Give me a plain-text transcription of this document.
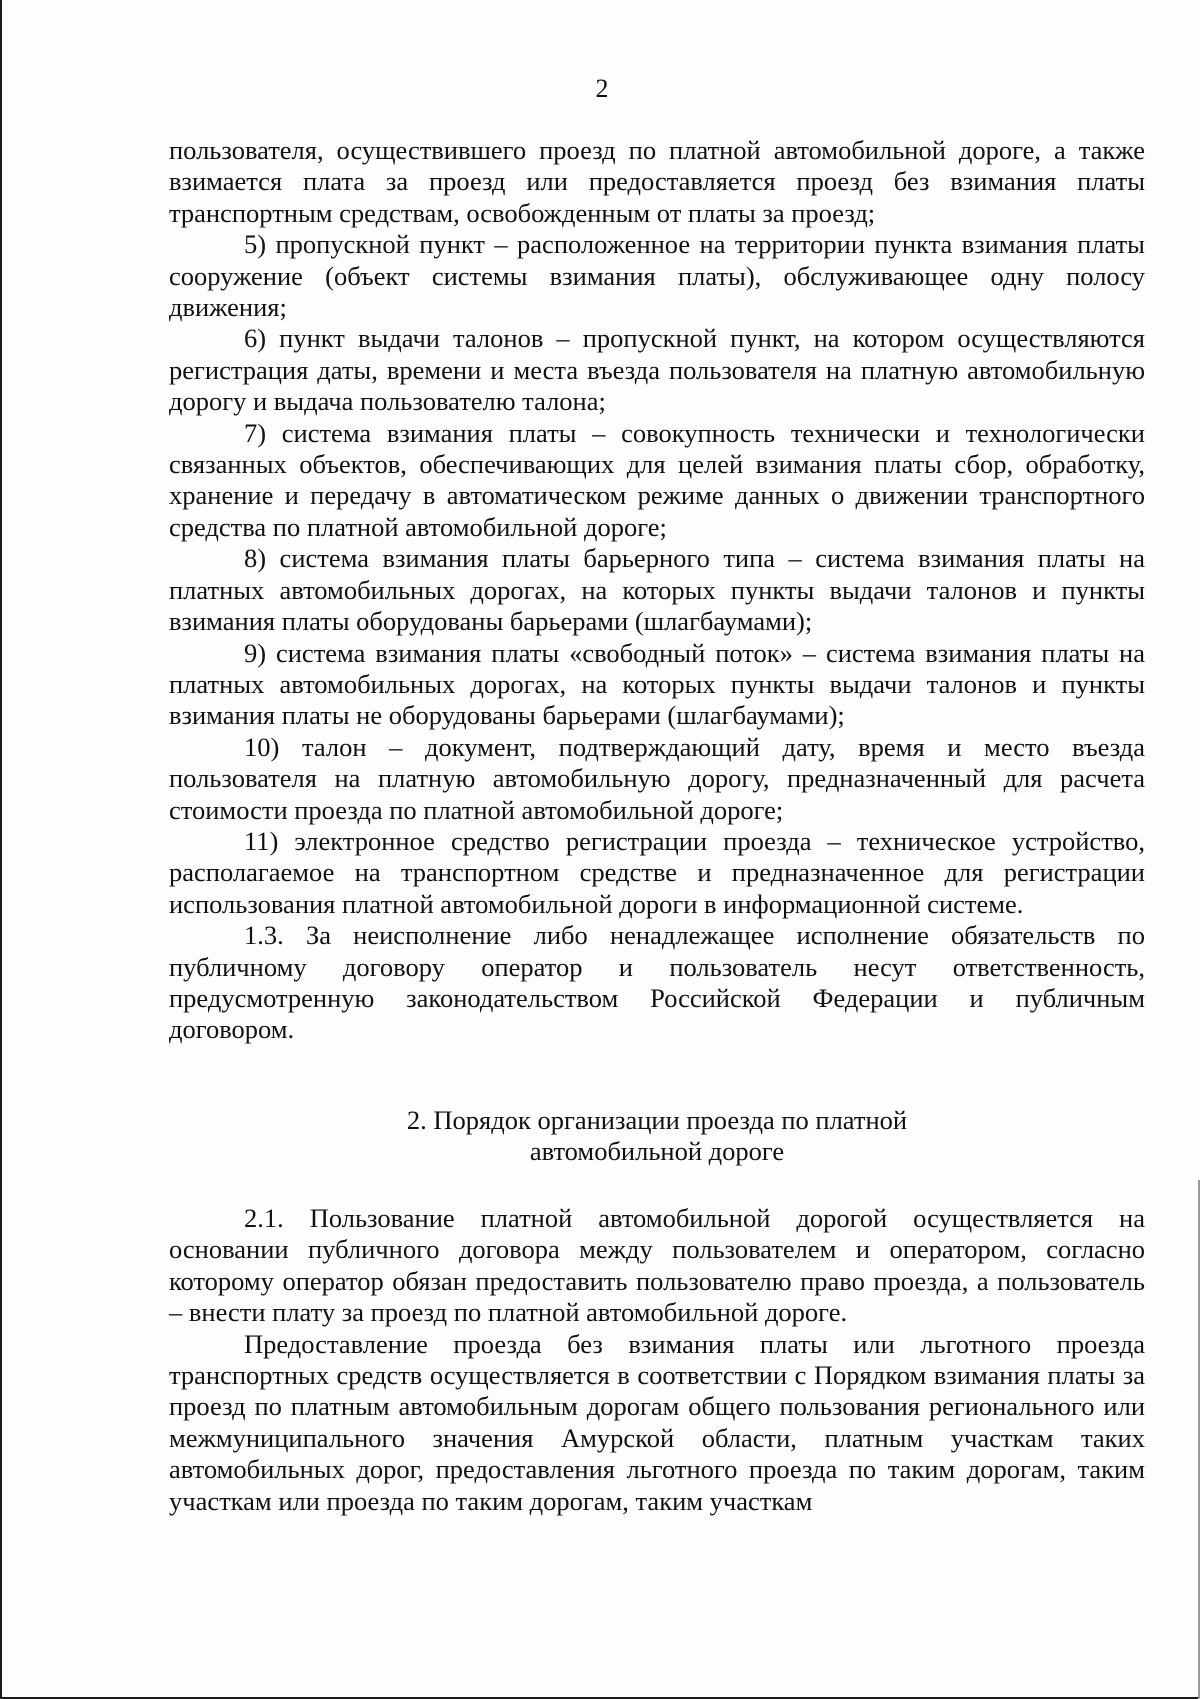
2

пользователя, осуществившего проезд по платной автомобильной дороге, а также взимается плата за проезд или предоставляется проезд без взимания платы транспортным средствам, освобожденным от платы за проезд;

5) пропускной пункт – расположенное на территории пункта взимания платы сооружение (объект системы взимания платы), обслуживающее одну полосу движения;

6) пункт выдачи талонов – пропускной пункт, на котором осуществляются регистрация даты, времени и места въезда пользователя на платную автомобильную дорогу и выдача пользователю талона;

7) система взимания платы – совокупность технически и технологически связанных объектов, обеспечивающих для целей взимания платы сбор, обработку, хранение и передачу в автоматическом режиме данных о движении транспортного средства по платной автомобильной дороге;

8) система взимания платы барьерного типа – система взимания платы на платных автомобильных дорогах, на которых пункты выдачи талонов и пункты взимания платы оборудованы барьерами (шлагбаумами);

9) система взимания платы «свободный поток» – система взимания платы на платных автомобильных дорогах, на которых пункты выдачи талонов и пункты взимания платы не оборудованы барьерами (шлагбаумами);

10) талон – документ, подтверждающий дату, время и место въезда пользователя на платную автомобильную дорогу, предназначенный для расчета стоимости проезда по платной автомобильной дороге;

11) электронное средство регистрации проезда – техническое устройство, располагаемое на транспортном средстве и предназначенное для регистрации использования платной автомобильной дороги в информационной системе.

1.3. За неисполнение либо ненадлежащее исполнение обязательств по публичному договору оператор и пользователь несут ответственность, предусмотренную законодательством Российской Федерации и публичным договором.

2. Порядок организации проезда по платной
автомобильной дороге

2.1. Пользование платной автомобильной дорогой осуществляется на основании публичного договора между пользователем и оператором, согласно которому оператор обязан предоставить пользователю право проезда, а пользователь – внести плату за проезд по платной автомобильной дороге.

Предоставление проезда без взимания платы или льготного проезда транспортных средств осуществляется в соответствии с Порядком взимания платы за проезд по платным автомобильным дорогам общего пользования регионального или межмуниципального значения Амурской области, платным участкам таких автомобильных дорог, предоставления льготного проезда по таким дорогам, таким участкам или проезда по таким дорогам, таким участкам
